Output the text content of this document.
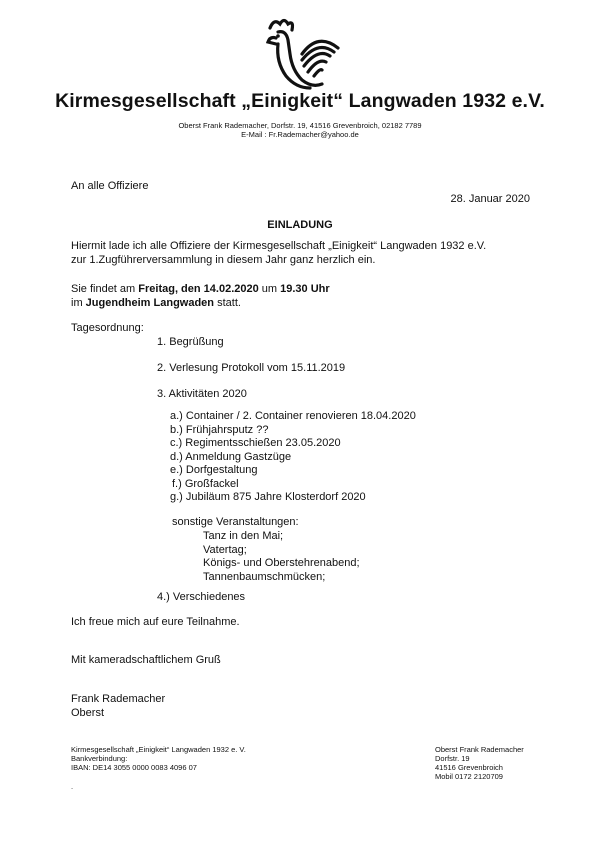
Kirmesgesellschaft „Einigkeit“ Langwaden 1932 e.V.
Oberst Frank Rademacher, Dorfstr. 19, 41516 Grevenbroich, 02182 7789
E-Mail : Fr.Rademacher@yahoo.de
An alle Offiziere
28. Januar 2020
EINLADUNG
Hiermit lade ich alle Offiziere der Kirmesgesellschaft „Einigkeit“ Langwaden 1932 e.V.
zur 1.Zugführerversammlung in diesem Jahr ganz herzlich ein.
Sie findet am Freitag, den 14.02.2020 um 19.30 Uhr
im Jugendheim Langwaden statt.
Tagesordnung:
1. Begrüßung
2. Verlesung Protokoll vom 15.11.2019
3. Aktivitäten 2020
a.) Container / 2. Container renovieren 18.04.2020
b.) Frühjahrsputz ??
c.) Regimentsschießen 23.05.2020
d.) Anmeldung Gastzüge
e.) Dorfgestaltung
f.) Großfackel
g.) Jubiläum 875 Jahre Klosterdorf 2020
sonstige Veranstaltungen:
Tanz in den Mai;
Vatertag;
Königs- und Oberstehrenabend;
Tannenbaumschmücken;
4.) Verschiedenes
Ich freue mich auf eure Teilnahme.
Mit kameradschaftlichem Gruß
Frank Rademacher
Oberst
Kirmesgesellschaft „Einigkeit“ Langwaden 1932 e. V.
Bankverbindung:
IBAN: DE14 3055 0000 0083 4096 07
Oberst Frank Rademacher
Dorfstr. 19
41516 Grevenbroich
Mobil 0172 2120709
.
